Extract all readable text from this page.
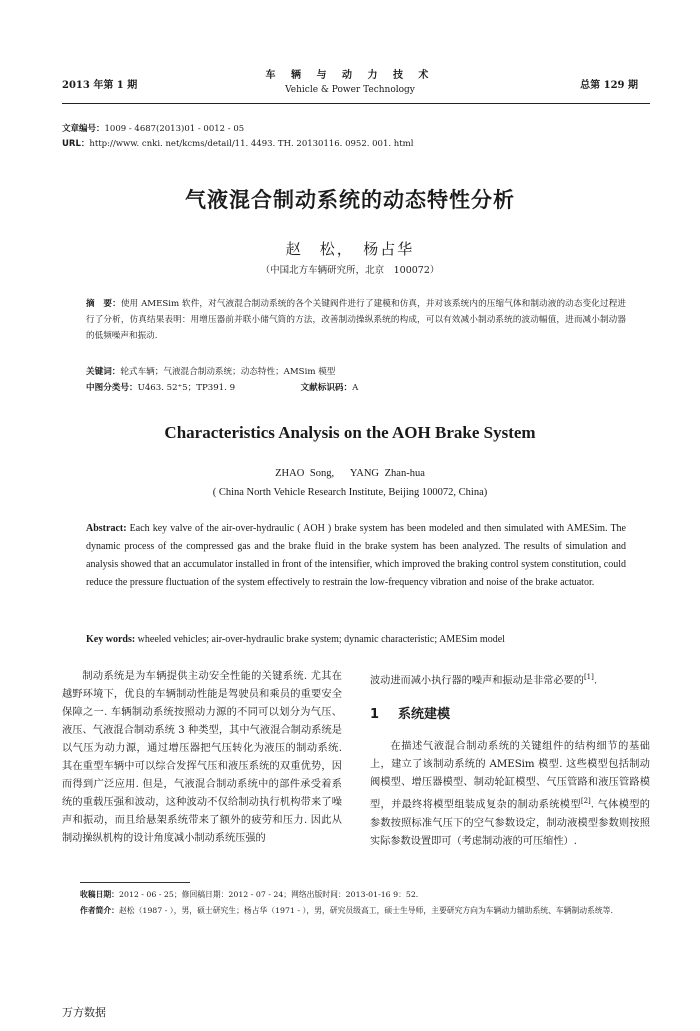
2013 年第 1 期
车 辆 与 动 力 技 术
Vehicle & Power Technology	总第 129 期
文章编号：1009 - 4687(2013)01 - 0012 - 05
URL：http://www. cnki. net/kcms/detail/11. 4493. TH. 20130116. 0952. 001. html
气液混合制动系统的动态特性分析
赵　松，　杨占华
（中国北方车辆研究所，北京　100072）
摘　要：使用 AMESim 软件，对气液混合制动系统的各个关键阀件进行了建模和仿真，并对该系统内的压缩气体和制动液的动态变化过程进行了分析，仿真结果表明：用增压器前并联小储气筒的方法，改善制动操纵系统的构成，可以有效减小制动系统的波动幅值，进而减小制动器的低频噪声和振动.
关键词：轮式车辆；气液混合制动系统；动态特性；AMSim 模型
中图分类号：U463. 52⁺5；TP391. 9	文献标识码：A
Characteristics Analysis on the AOH Brake System
ZHAO Song,　 YANG Zhan-hua
( China North Vehicle Research Institute, Beijing 100072, China)
Abstract: Each key valve of the air-over-hydraulic ( AOH ) brake system has been modeled and then simulated with AMESim. The dynamic process of the compressed gas and the brake fluid in the brake system has been analyzed. The results of simulation and analysis showed that an accumulator installed in front of the intensifier, which improved the braking control system constitution, could reduce the pressure fluctuation of the system effectively to restrain the low-frequency vibration and noise of the brake actuator.
Key words: wheeled vehicles; air-over-hydraulic brake system; dynamic characteristic; AMESim model

制动系统是为车辆提供主动安全性能的关键系统. 尤其在越野环境下，优良的车辆制动性能是驾驶员和乘员的重要安全保障之一. 车辆制动系统按照动力源的不同可以划分为气压、液压、气液混合制动系统 3 种类型，其中气液混合制动系统是以气压为动力源，通过增压器把气压转化为液压的制动系统. 其在重型车辆中可以综合发挥气压和液压系统的双重优势，因而得到广泛应用. 但是，气液混合制动系统中的部件承受着系统的重载压强和波动，这种波动不仅给制动执行机构带来了噪声和振动，而且给悬架系统带来了额外的疲劳和压力. 因此从制动操纵机构的设计角度减小制动系统压强的

波动进而减小执行器的噪声和振动是非常必要的[1].
1 系统建模

在描述气液混合制动系统的关键组件的结构细节的基础上，建立了该制动系统的 AMESim 模型. 这些模型包括制动阀模型、增压器模型、制动轮缸模型、气压管路和液压管路模型，并最终将模型组装成复杂的制动系统模型[2]. 气体模型的参数按照标准气压下的空气参数设定，制动液模型参数则按照实际参数设置即可（考虑制动液的可压缩性）.

收稿日期：2012 - 06 - 25；修回稿日期：2012 - 07 - 24；网络出版时间：2013-01-16 9：52.
作者简介：赵松（1987 - ），男，硕士研究生；杨占华（1971 - ），男，研究员级高工，硕士生导师，主要研究方向为车辆动力辅助系统、车辆制动系统等.
万方数据
